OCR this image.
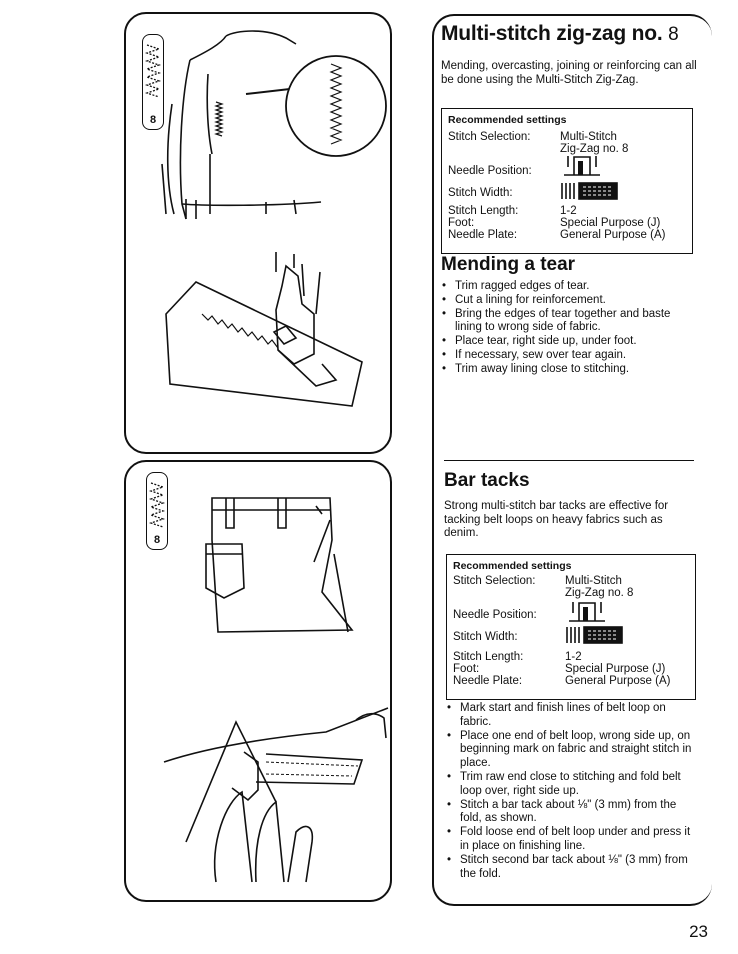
8
8
Multi-stitch zig-zag no. 8
Mending, overcasting, joining or reinforcing can all be done using the Multi-Stitch Zig-Zag.
Recommended settings
Stitch Selection:	Multi-Stitch
Zig-Zag no. 8
Needle Position:
Stitch Width:
Stitch Length:	1-2
Foot:	Special Purpose (J)
Needle Plate:	General Purpose (A)
Mending a tear
• Trim ragged edges of tear.
• Cut a lining for reinforcement.
• Bring the edges of tear together and baste lining to wrong side of fabric.
• Place tear, right side up, under foot.
• If necessary, sew over tear again.
• Trim away lining close to stitching.
Bar tacks
Strong multi-stitch bar tacks are effective for tacking belt loops on heavy fabrics such as denim.
Recommended settings
Stitch Selection:	Multi-Stitch
Zig-Zag no. 8
Needle Position:
Stitch Width:
Stitch Length:	1-2
Foot:	Special Purpose (J)
Needle Plate:	General Purpose (A)
• Mark start and finish lines of belt loop on fabric.
• Place one end of belt loop, wrong side up, on beginning mark on fabric and straight stitch in place.
• Trim raw end close to stitching and fold belt loop over, right side up.
• Stitch a bar tack about ⅛" (3 mm) from the fold, as shown.
• Fold loose end of belt loop under and press it in place on finishing line.
• Stitch second bar tack about ⅛" (3 mm) from the fold.
23
